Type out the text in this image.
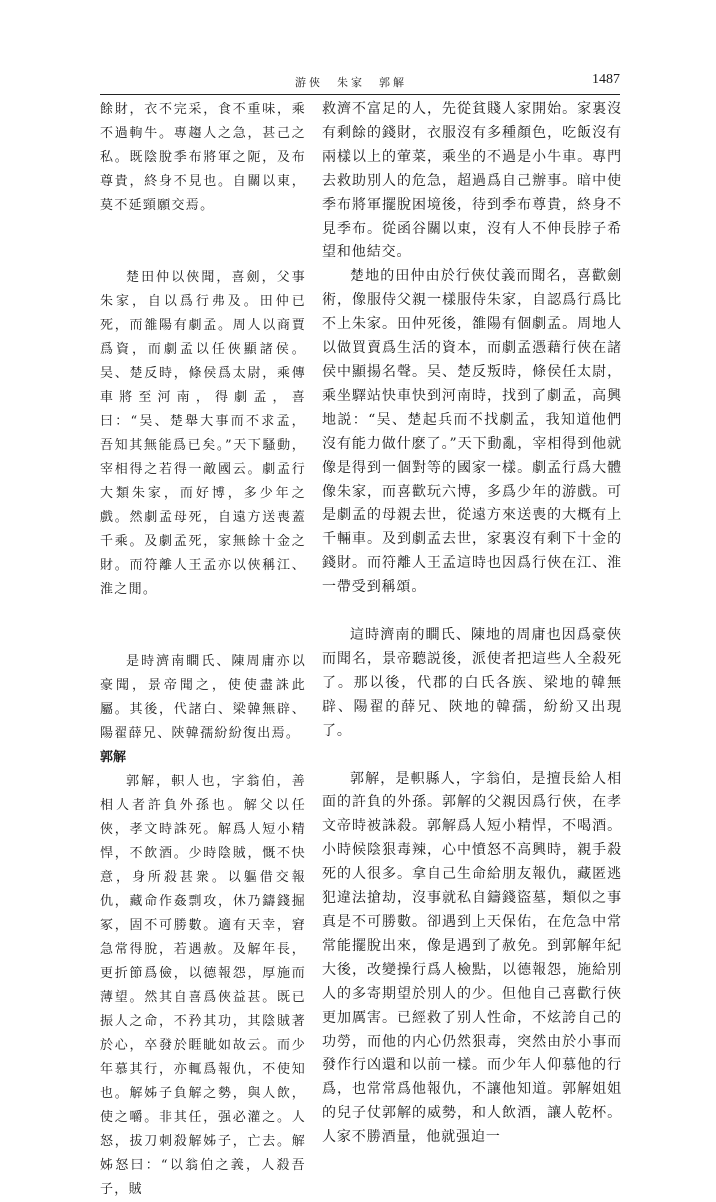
游俠　朱家　郭解	1487

餘財，衣不完采，食不重味，乘不過軥牛。專趨人之急，甚己之私。既陰脫季布將軍之阨，及布尊貴，終身不見也。自關以東，莫不延頸願交焉。

楚田仲以俠聞，喜劍，父事朱家，自以爲行弗及。田仲已死，而雒陽有劇孟。周人以商賈爲資，而劇孟以任俠顯諸侯。吴、楚反時，條侯爲太尉，乘傳車將至河南，得劇孟，喜曰：“吴、楚舉大事而不求孟，吾知其無能爲已矣。”天下騷動，宰相得之若得一敵國云。劇孟行大類朱家，而好博，多少年之戲。然劇孟母死，自遠方送喪蓋千乘。及劇孟死，家無餘十金之財。而符離人王孟亦以俠稱江、淮之閒。

是時濟南瞷氏、陳周庸亦以豪聞，景帝聞之，使使盡誅此屬。其後，代諸白、梁韓無辟、陽翟薛兄、陝韓孺紛紛復出焉。

郭解

郭解，軹人也，字翁伯，善相人者許負外孫也。解父以任俠，孝文時誅死。解爲人短小精悍，不飲酒。少時陰賊，慨不快意，身所殺甚衆。以軀借交報仇，藏命作姦剽攻，休乃鑄錢掘冢，固不可勝數。適有天幸，窘急常得脫，若遇赦。及解年長，更折節爲儉，以德報怨，厚施而薄望。然其自喜爲俠益甚。既已振人之命，不矜其功，其陰賊著於心，卒發於睚眦如故云。而少年慕其行，亦輒爲報仇，不使知也。解姊子負解之勢，與人飲，使之嚼。非其任，强必灌之。人怒，拔刀刺殺解姊子，亡去。解姊怒曰：“以翁伯之義，人殺吾子，賊

救濟不富足的人，先從貧賤人家開始。家裏沒有剩餘的錢財，衣服沒有多種顏色，吃飯沒有兩樣以上的葷菜，乘坐的不過是小牛車。專門去救助別人的危急，超過爲自己辦事。暗中使季布將軍擺脫困境後，待到季布尊貴，終身不見季布。從函谷關以東，沒有人不伸長脖子希望和他結交。

楚地的田仲由於行俠仗義而聞名，喜歡劍術，像服侍父親一樣服侍朱家，自認爲行爲比不上朱家。田仲死後，雒陽有個劇孟。周地人以做買賣爲生活的資本，而劇孟憑藉行俠在諸侯中顯揚名聲。吴、楚反叛時，條侯任太尉，乘坐驛站快車快到河南時，找到了劇孟，高興地説：“吴、楚起兵而不找劇孟，我知道他們沒有能力做什麽了。”天下動亂，宰相得到他就像是得到一個對等的國家一樣。劇孟行爲大體像朱家，而喜歡玩六博，多爲少年的游戲。可是劇孟的母親去世，從遠方來送喪的大概有上千輛車。及到劇孟去世，家裏沒有剩下十金的錢財。而符離人王孟這時也因爲行俠在江、淮一帶受到稱頌。

這時濟南的瞷氏、陳地的周庸也因爲豪俠而聞名，景帝聽説後，派使者把這些人全殺死了。那以後，代郡的白氏各族、梁地的韓無辟、陽翟的薛兄、陝地的韓孺，紛紛又出現了。

郭解，是軹縣人，字翁伯，是擅長給人相面的許負的外孫。郭解的父親因爲行俠，在孝文帝時被誅殺。郭解爲人短小精悍，不喝酒。小時候陰狠毒辣，心中憤怒不高興時，親手殺死的人很多。拿自己生命給朋友報仇，藏匿逃犯違法搶劫，沒事就私自鑄錢盜墓，類似之事真是不可勝數。卻遇到上天保佑，在危急中常常能擺脫出來，像是遇到了赦免。到郭解年紀大後，改變操行爲人檢點，以德報怨，施給別人的多寄期望於別人的少。但他自己喜歡行俠更加厲害。已經救了别人性命，不炫誇自己的功勞，而他的内心仍然狠毒，突然由於小事而發作行凶還和以前一樣。而少年人仰慕他的行爲，也常常爲他報仇，不讓他知道。郭解姐姐的兒子仗郭解的威勢，和人飲酒，讓人乾杯。人家不勝酒量，他就强迫一
